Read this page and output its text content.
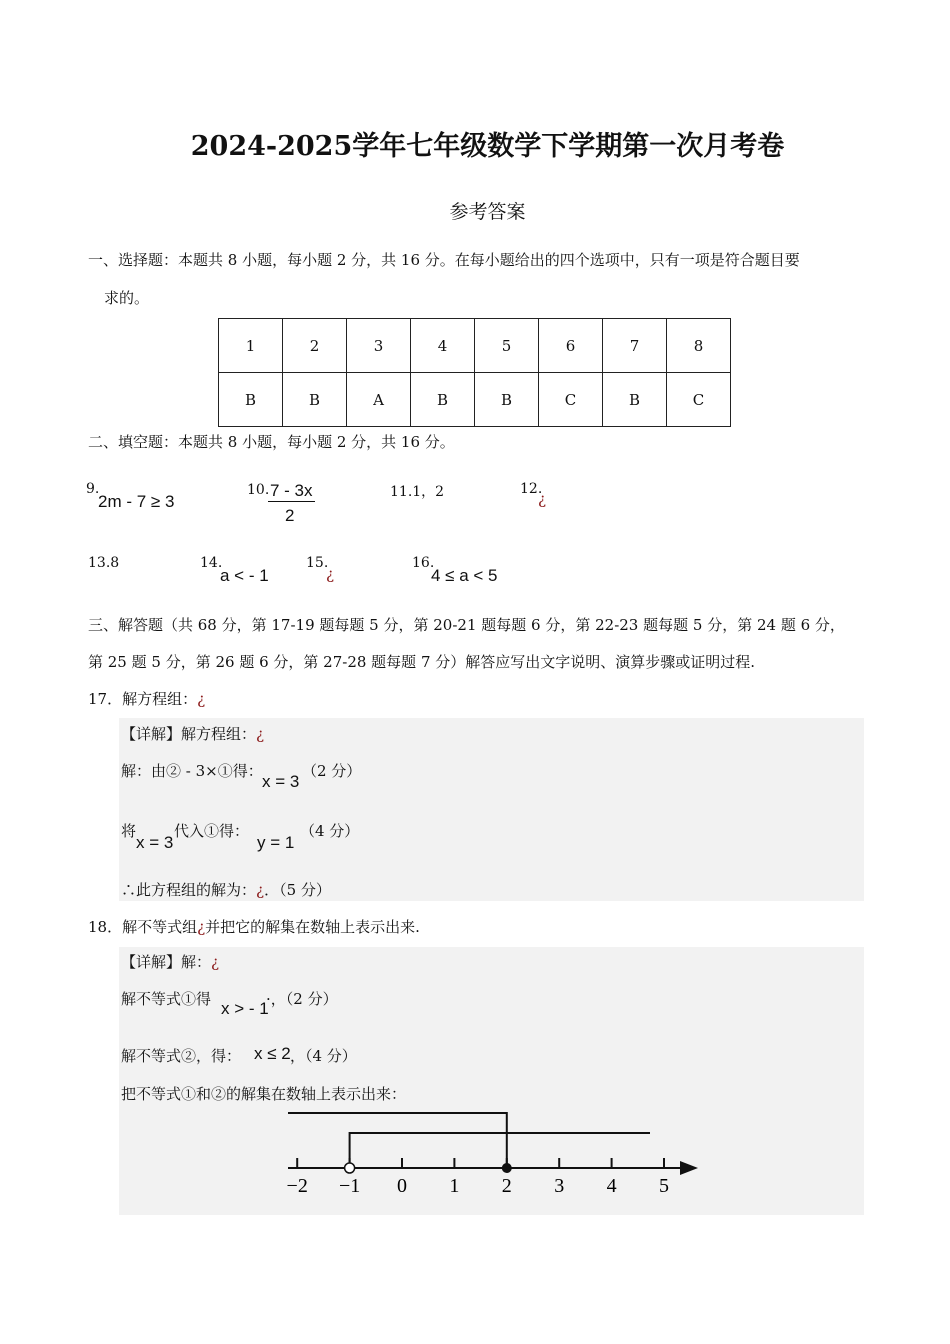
2024-2025学年七年级数学下学期第一次月考卷
参考答案
一、选择题：本题共 8 小题，每小题 2 分，共 16 分。在每小题给出的四个选项中，只有一项是符合题目要
求的。
1	2	3	4	5	6	7	8
B	B	A	B	B	C	B	C
二、填空题：本题共 8 小题，每小题 2 分，共 16 分。
9.
2m - 7 ≥ 3
10. 7 - 3x
2
11.1，2	12.
¿
13.8	14.
a < - 1
15.
¿
16.
4 ≤ a < 5
三、解答题（共 68 分，第 17-19 题每题 5 分，第 20-21 题每题 6 分，第 22-23 题每题 5 分，第 24 题 6 分，
第 25 题 5 分，第 26 题 6 分，第 27-28 题每题 7 分）解答应写出文字说明、演算步骤或证明过程.
17．解方程组：¿
【详解】解方程组：¿
解：由② - 3×①得：
x = 3
（2 分）
将
x = 3
代入①得：
y = 1
（4 分）
∴此方程组的解为：¿．（5 分）
18．解不等式组¿并把它的解集在数轴上表示出来.
【详解】解：¿
解不等式①得 x > - 1
·，（2 分）
解不等式②，得： x ≤ 2 ，（4 分）
把不等式①和②的解集在数轴上表示出来：
−2 −1 0 1 2 3 4 5
